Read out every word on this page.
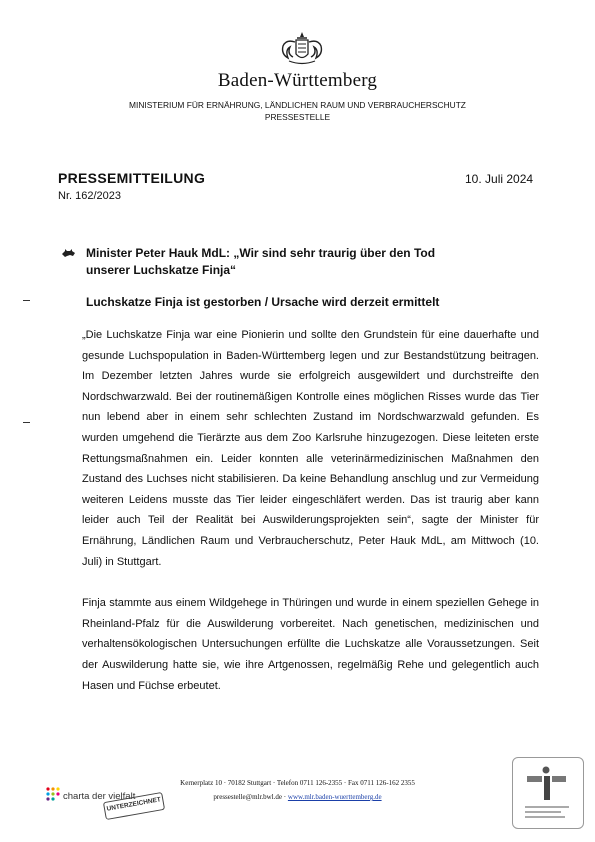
Baden-Württemberg
MINISTERIUM FÜR ERNÄHRUNG, LÄNDLICHEN RAUM UND VERBRAUCHERSCHUTZ
PRESSESTELLE
PRESSEMITTEILUNG	10. Juli 2024
Nr. 162/2023
Minister Peter Hauk MdL: „Wir sind sehr traurig über den Tod
unserer Luchskatze Finja“
Luchskatze Finja ist gestorben / Ursache wird derzeit ermittelt

„Die Luchskatze Finja war eine Pionierin und sollte den Grundstein für eine dauerhafte und gesunde Luchspopulation in Baden-Württemberg legen und zur Bestandstützung beitragen. Im Dezember letzten Jahres wurde sie erfolgreich ausgewildert und durchstreifte den Nordschwarzwald. Bei der routinemäßigen Kontrolle eines möglichen Risses wurde das Tier nun lebend aber in einem sehr schlechten Zustand im Nordschwarzwald gefunden. Es wurden umgehend die Tierärzte aus dem Zoo Karlsruhe hinzugezogen. Diese leiteten erste Rettungsmaßnahmen ein. Leider konnten alle veterinärmedizinischen Maßnahmen den Zustand des Luchses nicht stabilisieren. Da keine Behandlung anschlug und zur Vermeidung weiteren Leidens musste das Tier leider eingeschläfert werden. Das ist traurig aber kann leider auch Teil der Realität bei Auswilderungsprojekten sein“, sagte der Minister für Ernährung, Ländlichen Raum und Verbraucherschutz, Peter Hauk MdL, am Mittwoch (10. Juli) in Stuttgart.

Finja stammte aus einem Wildgehege in Thüringen und wurde in einem speziellen Gehege in Rheinland-Pfalz für die Auswilderung vorbereitet. Nach genetischen, medizinischen und verhaltensökologischen Untersuchungen erfüllte die Luchskatze alle Voraussetzungen. Seit der Auswilderung hatte sie, wie ihre Artgenossen, regelmäßig Rehe und gelegentlich auch Hasen und Füchse erbeutet.

charta der vielfalt
UNTERZEICHNET
Kernerplatz 10 · 70182 Stuttgart · Telefon 0711 126-2355 · Fax 0711 126-162 2355
pressestelle@mlr.bwl.de · www.mlr.baden-wuerttemberg.de
